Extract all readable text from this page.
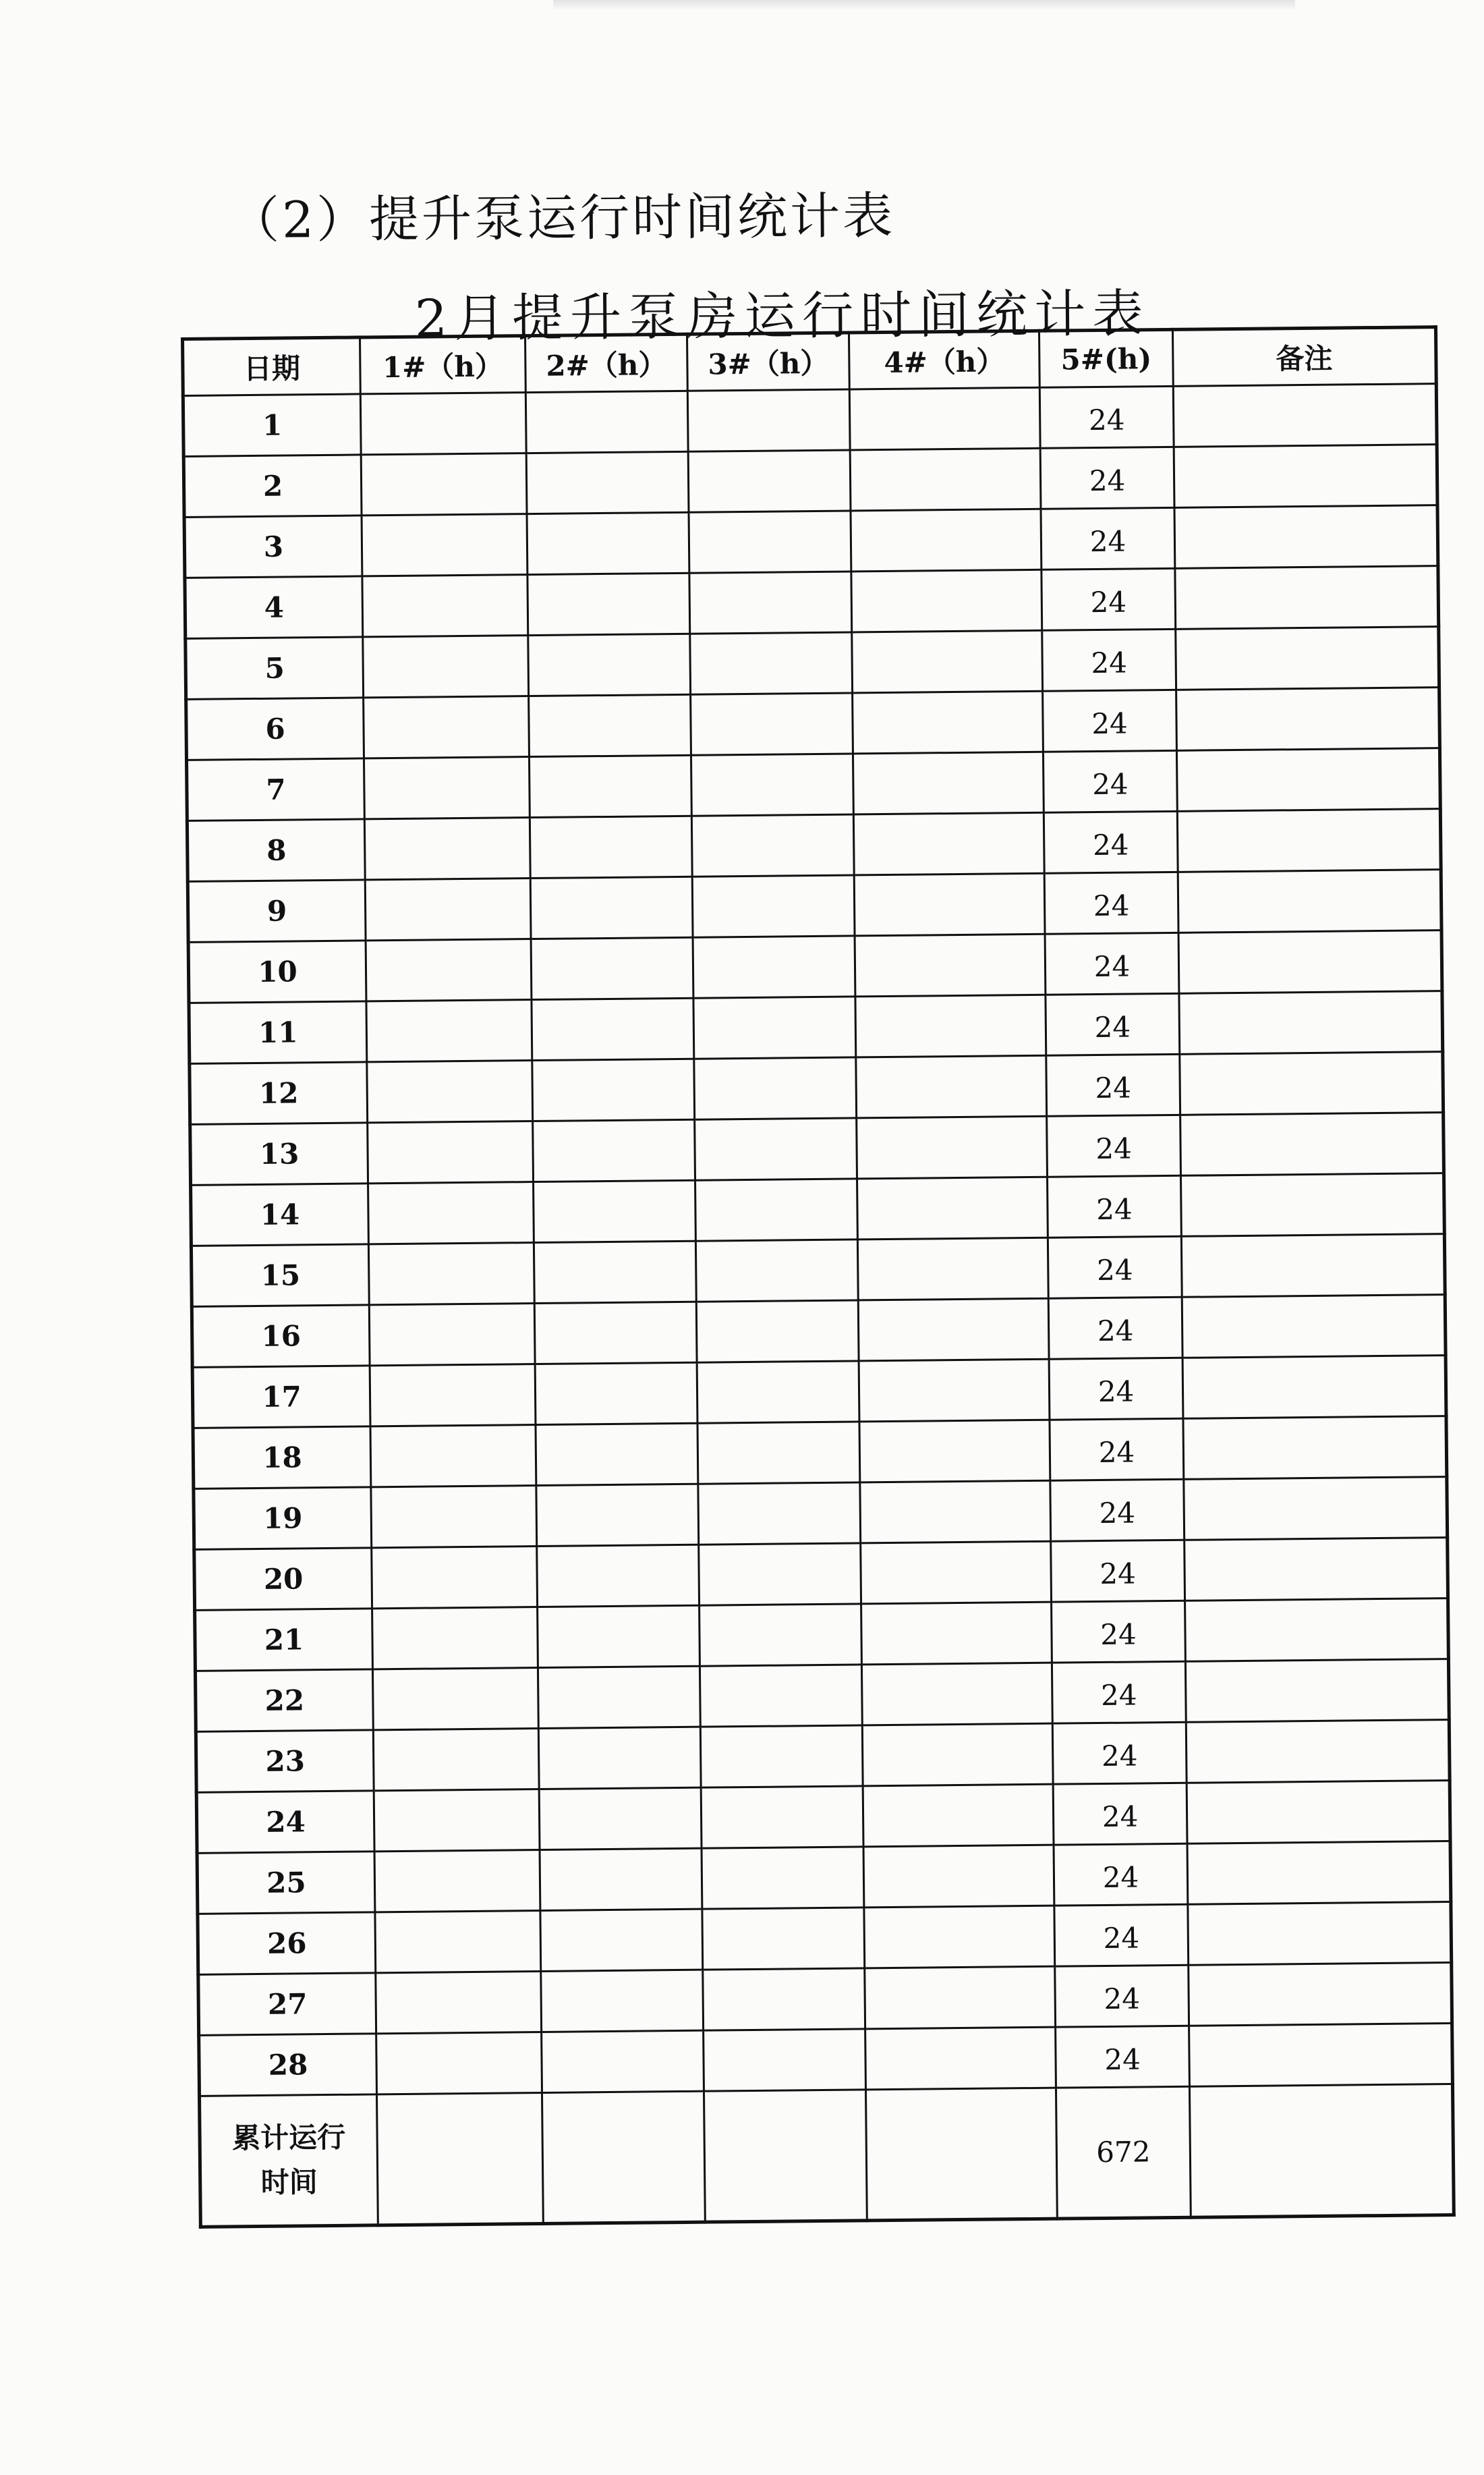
（2）提升泵运行时间统计表
2月提升泵房运行时间统计表
日期	1#（h）	2#（h）	3#（h）	4#（h）	5#(h)	备注
1					24	
2					24	
3					24	
4					24	
5					24	
6					24	
7					24	
8					24	
9					24	
10					24	
11					24	
12					24	
13					24	
14					24	
15					24	
16					24	
17					24	
18					24	
19					24	
20					24	
21					24	
22					24	
23					24	
24					24	
25					24	
26					24	
27					24	
28					24	
累计运行时间					672	
